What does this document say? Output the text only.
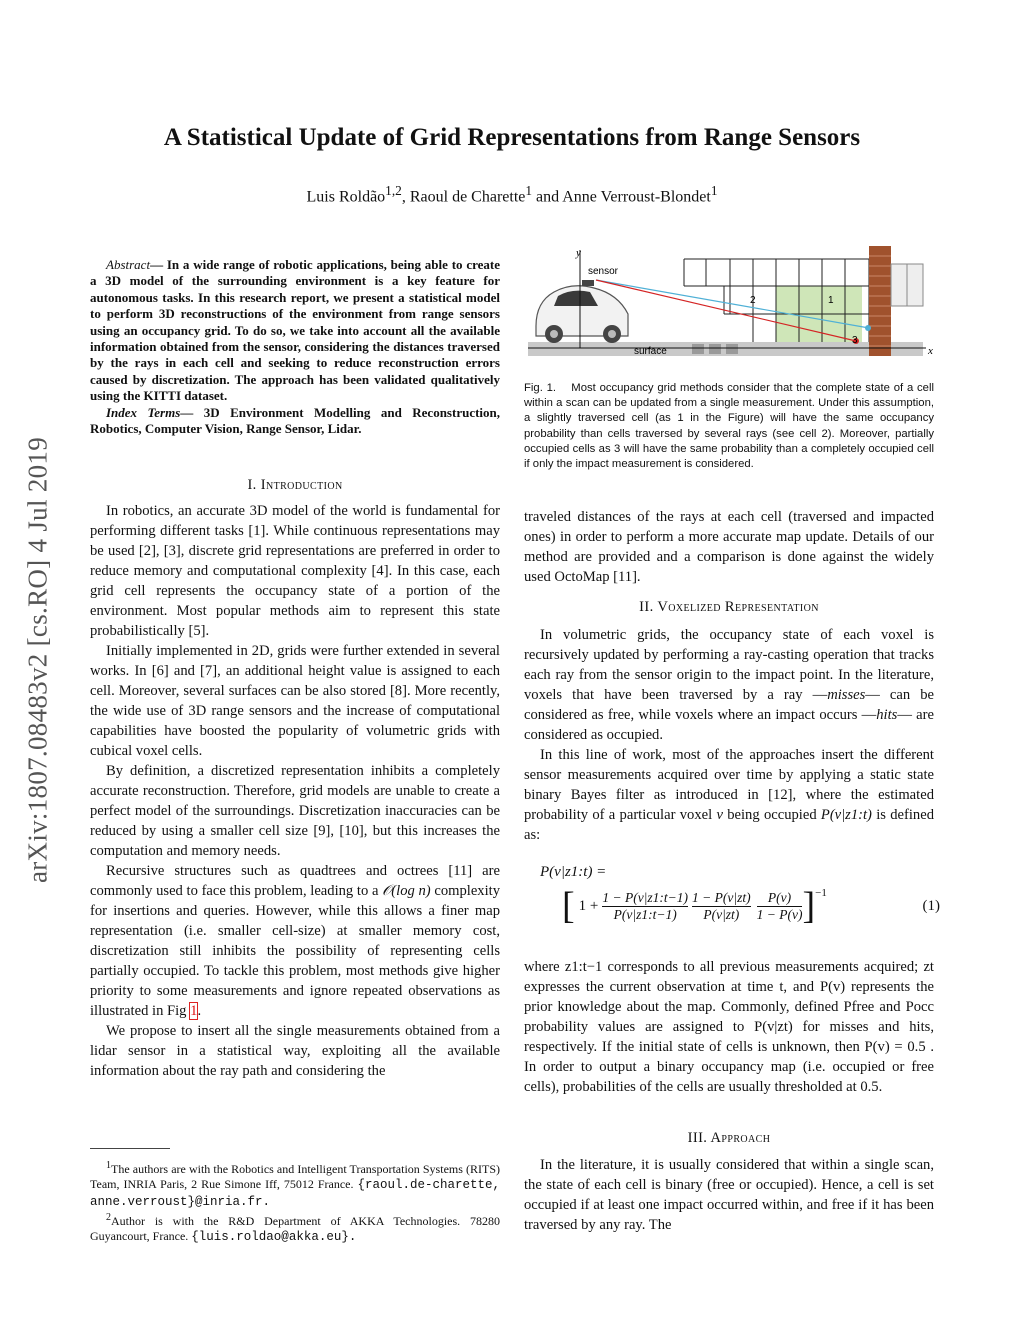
arXiv:1807.08483v2 [cs.RO] 4 Jul 2019
A Statistical Update of Grid Representations from Range Sensors
Luis Roldão$^{1,2}$, Raoul de Charette$^1$ and Anne Verroust-Blondet$^1$

Abstract— In a wide range of robotic applications, being able to create a 3D model of the surrounding environment is a key feature for autonomous tasks. In this research report, we present a statistical model to perform 3D reconstructions of the environment from range sensors using an occupancy grid. To do so, we take into account all the available information obtained from the sensor, considering the distances traversed by the rays in each cell and seeking to reduce reconstruction errors caused by discretization. The approach has been validated qualitatively using the KITTI dataset.

Index Terms— 3D Environment Modelling and Reconstruction, Robotics, Computer Vision, Range Sensor, Lidar.

I. Introduction

In robotics, an accurate 3D model of the world is fundamental for performing different tasks [1]. While continuous representations may be used [2], [3], discrete grid representations are preferred in order to reduce memory and computational complexity [4]. In this case, each grid cell represents the occupancy state of a portion of the environment. Most popular methods aim to represent this state probabilistically [5].

Initially implemented in 2D, grids were further extended in several works. In [6] and [7], an additional height value is assigned to each cell. Moreover, several surfaces can be also stored [8]. More recently, the wide use of 3D range sensors and the increase of computational capabilities have boosted the popularity of volumetric grids with cubical voxel cells.

By definition, a discretized representation inhibits a completely accurate reconstruction. Therefore, grid models are unable to create a perfect model of the surroundings. Discretization inaccuracies can be reduced by using a smaller cell size [9], [10], but this increases the computation and memory needs.

Recursive structures such as quadtrees and octrees [11] are commonly used to face this problem, leading to a 𝒪(log n) complexity for insertions and queries. However, while this allows a finer map representation (i.e. smaller cell-size) at smaller memory cost, discretization still inhibits the possibility of representing cells partially occupied. To tackle this problem, most methods give higher priority to some measurements and ignore repeated observations as illustrated in Fig 1.

We propose to insert all the single measurements obtained from a lidar sensor in a statistical way, exploiting all the available information about the ray path and considering the

$^1$The authors are with the Robotics and Intelligent Transportation Systems (RITS) Team, INRIA Paris, 2 Rue Simone Iff, 75012 France. {raoul.de-charette, anne.verroust}@inria.fr.

$^2$Author is with the R&D Department of AKKA Technologies. 78280 Guyancourt, France. {luis.roldao@akka.eu}.

y
x
sensor
surface
2	1
3
Fig. 1. Most occupancy grid methods consider that the complete state of a cell within a scan can be updated from a single measurement. Under this assumption, a slightly traversed cell (as 1 in the Figure) will have the same occupancy probability than cells traversed by several rays (see cell 2). Moreover, partially occupied cells as 3 will have the same probability than a completely occupied cell if only the impact measurement is considered.

traveled distances of the rays at each cell (traversed and impacted ones) in order to perform a more accurate map update. Details of our method are provided and a comparison is done against the widely used OctoMap [11].

II. Voxelized Representation

In volumetric grids, the occupancy state of each voxel is recursively updated by performing a ray-casting operation that tracks each ray from the sensor origin to the impact point. In the literature, voxels that have been traversed by a ray —misses— can be considered as free, while voxels where an impact occurs —hits— are considered as occupied.

In this line of work, most of the approaches insert the different sensor measurements acquired over time by applying a static state binary Bayes filter as introduced in [12], where the estimated probability of a particular voxel v being occupied P(v|z1:t) is defined as:

P(v|z1:t) =
[ $1 + \frac{1 - P(v|z1:t-1)}{P(v|z1:t-1)} 1 - P(v|zt)$
P(v|zt)
P(v)
1 − P(v) ]$^{-1}$
(1)

where z1:t−1 corresponds to all previous measurements acquired; zt expresses the current observation at time t, and P(v) represents the prior knowledge about the map. Commonly, defined Pfree and Pocc probability values are assigned to P(v|zt) for misses and hits, respectively. If the initial state of cells is unknown, then P(v) = 0.5 . In order to output a binary occupancy map (i.e. occupied or free cells), probabilities of the cells are usually thresholded at 0.5.

III. Approach

In the literature, it is usually considered that within a single scan, the state of each cell is binary (free or occupied). Hence, a cell is set occupied if at least one impact occurred within, and free if it has been traversed by any ray. The
